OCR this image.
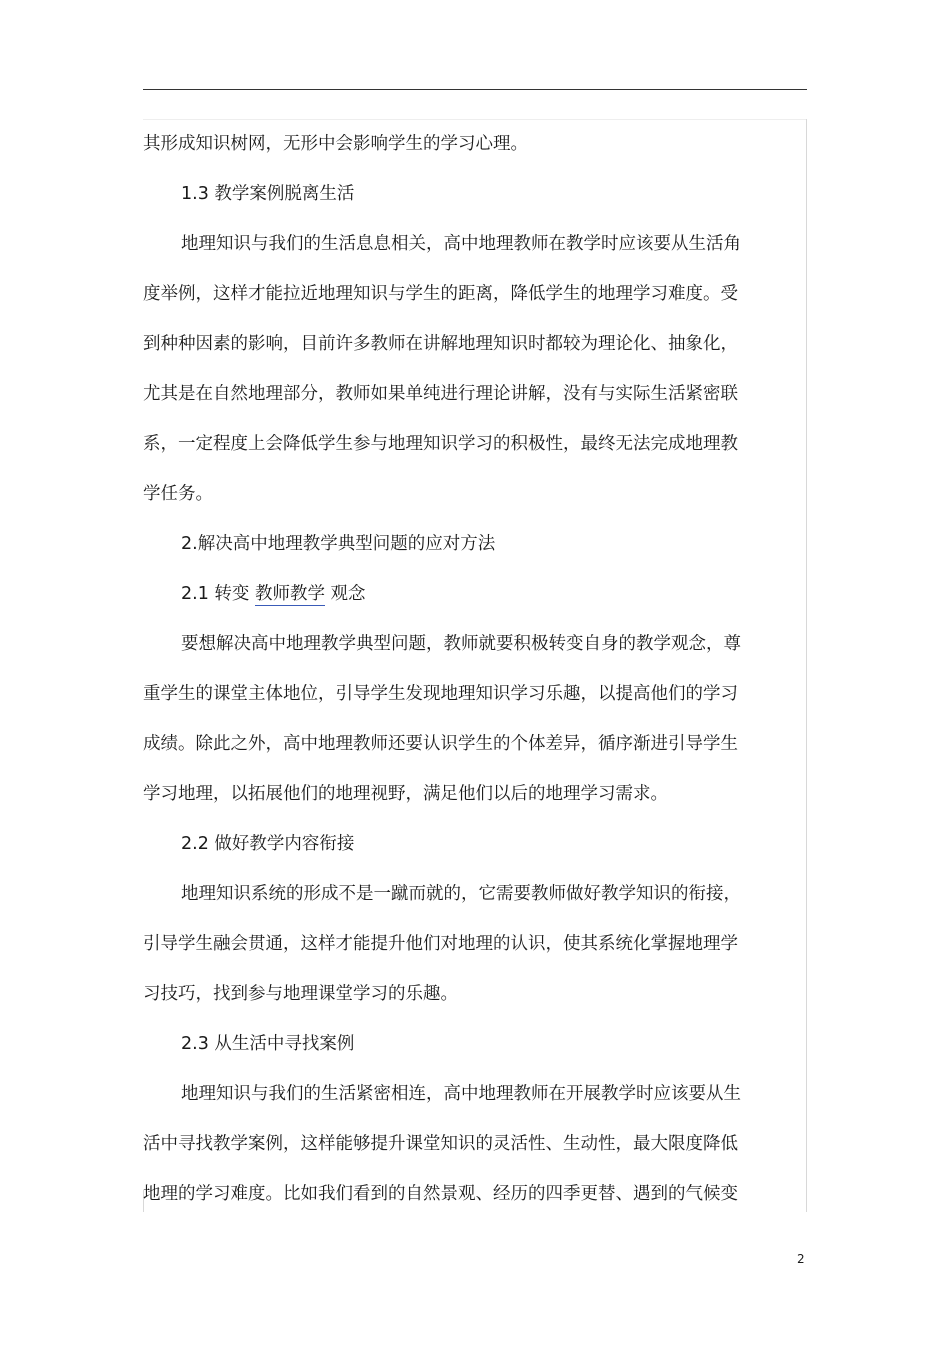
其形成知识树网，无形中会影响学生的学习心理。
1.3 教学案例脱离生活
地理知识与我们的生活息息相关，高中地理教师在教学时应该要从生活角
度举例，这样才能拉近地理知识与学生的距离，降低学生的地理学习难度。受
到种种因素的影响，目前许多教师在讲解地理知识时都较为理论化、抽象化，
尤其是在自然地理部分，教师如果单纯进行理论讲解，没有与实际生活紧密联
系，一定程度上会降低学生参与地理知识学习的积极性，最终无法完成地理教
学任务。
2.解决高中地理教学典型问题的应对方法
2.1 转变 教师教学 观念
要想解决高中地理教学典型问题，教师就要积极转变自身的教学观念，尊
重学生的课堂主体地位，引导学生发现地理知识学习乐趣，以提高他们的学习
成绩。除此之外，高中地理教师还要认识学生的个体差异，循序渐进引导学生
学习地理，以拓展他们的地理视野，满足他们以后的地理学习需求。
2.2 做好教学内容衔接
地理知识系统的形成不是一蹴而就的，它需要教师做好教学知识的衔接，
引导学生融会贯通，这样才能提升他们对地理的认识，使其系统化掌握地理学
习技巧，找到参与地理课堂学习的乐趣。
2.3 从生活中寻找案例
地理知识与我们的生活紧密相连，高中地理教师在开展教学时应该要从生
活中寻找教学案例，这样能够提升课堂知识的灵活性、生动性，最大限度降低
地理的学习难度。比如我们看到的自然景观、经历的四季更替、遇到的气候变
2
